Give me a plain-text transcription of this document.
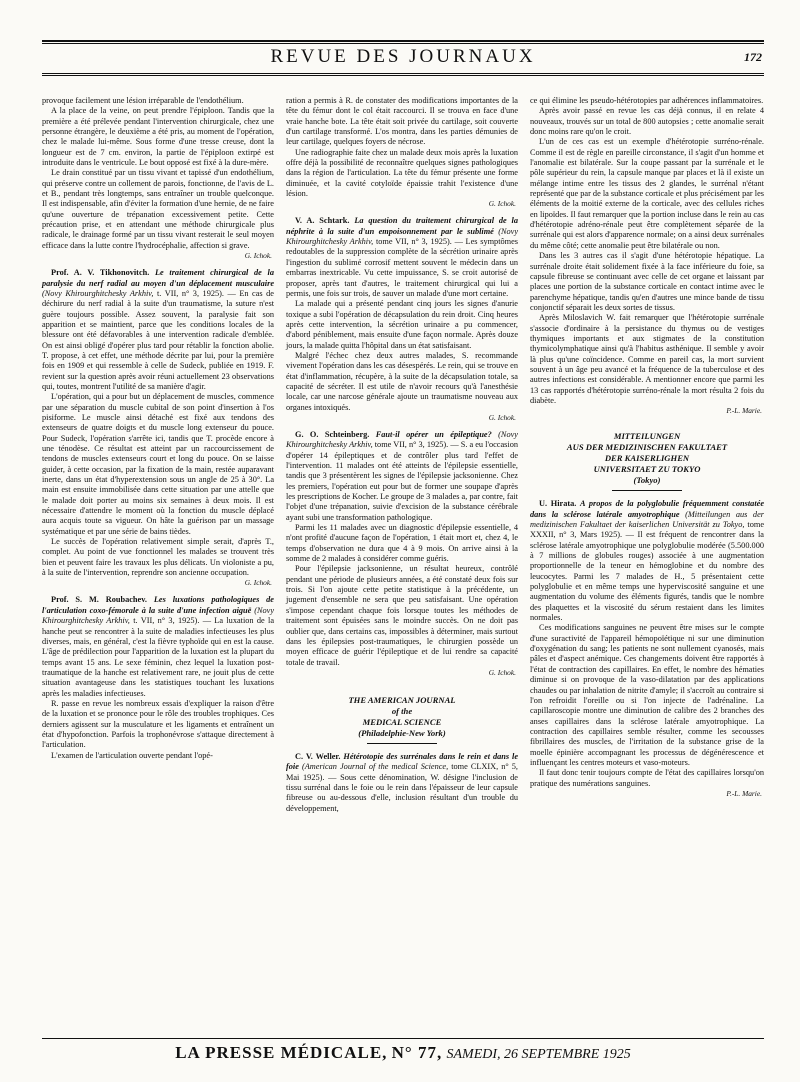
REVUE DES JOURNAUX	172

provoque facilement une lésion irréparable de l'endothélium.

A la place de la veine, on peut prendre l'épiploon. Tandis que la première a été prélevée pendant l'intervention chirurgicale, chez une personne étrangère, le deuxième a été pris, au moment de l'opération, chez le malade lui-même. Sous forme d'une tresse creuse, dont la longueur est de 7 cm. environ, la partie de l'épiploon extirpé est introduite dans le ventricule. Le bout opposé est fixé à la dure-mère.

Le drain constitué par un tissu vivant et tapissé d'un endothélium, qui préserve contre un collement de parois, fonctionne, de l'avis de L. et B., pendant très longtemps, sans entraîner un trouble quelconque. Il est indispensable, afin d'éviter la formation d'une hernie, de ne faire qu'une ouverture de trépanation excessivement petite. Cette précaution prise, et en attendant une méthode chirurgicale plus radicale, le drainage formé par un tissu vivant resterait le seul moyen efficace dans la lutte contre l'hydrocéphalie, affection si grave.

G. Ichok.

Prof. A. V. Tikhonovitch. Le traitement chirurgical de la paralysie du nerf radial au moyen d'un déplacement musculaire (Novy Khirourghitchesky Arkhiv, t. VII, n° 3, 1925). — En cas de déchirure du nerf radial à la suite d'un traumatisme, la suture n'est guère toujours possible. Assez souvent, la paralysie fait son apparition et se maintient, parce que les conditions locales de la blessure ont été défavorables à une intervention radicale d'emblée. On est ainsi obligé d'opérer plus tard pour rétablir la fonction abolie. T. propose, à cet effet, une méthode décrite par lui, pour la première fois en 1909 et qui ressemble à celle de Sudeck, publiée en 1919. F. revient sur la question après avoir réuni actuellement 23 observations qui, toutes, montrent l'utilité de sa manière d'agir.

L'opération, qui a pour but un déplacement de muscles, commence par une séparation du muscle cubital de son point d'insertion à l'os pisiforme. Le muscle ainsi détaché est fixé aux tendons des extenseurs de quatre doigts et du muscle long extenseur du pouce. Pour Sudeck, l'opération s'arrête ici, tandis que T. procède encore à une ténodèse. Ce résultat est atteint par un raccourcissement de tendons de muscles extenseurs court et long du pouce. On se laisse guider, à cette occasion, par la fixation de la main, restée auparavant inerte, dans un état d'hyperextension sous un angle de 25 à 30°. La main est ensuite immobilisée dans cette situation par une attelle que le malade doit porter au moins six semaines à deux mois. Il est nécessaire d'attendre le moment où la fonction du muscle déplacé aura acquis toute sa vigueur. On hâte la guérison par un massage systématique et par une série de bains tièdes.

Le succès de l'opération relativement simple serait, d'après T., complet. Au point de vue fonctionnel les malades se trouvent très bien et peuvent faire les travaux les plus délicats. Un violoniste a pu, à la suite de l'intervention, reprendre son ancienne occupation.

G. Ichok.

Prof. S. M. Roubachev. Les luxations pathologiques de l'articulation coxo-fémorale à la suite d'une infection aiguë (Novy Khirourghitchesky Arkhiv, t. VII, n° 3, 1925). — La luxation de la hanche peut se rencontrer à la suite de maladies infectieuses les plus diverses, mais, en général, c'est la fièvre typhoïde qui en est la cause. L'âge de prédilection pour l'apparition de la luxation est la plupart du temps avant 15 ans. Le sexe féminin, chez lequel la luxation post-traumatique de la hanche est relativement rare, ne jouit plus de cette situation avantageuse dans les statistiques touchant les luxations après les maladies infectieuses.

R. passe en revue les nombreux essais d'expliquer la raison d'être de la luxation et se prononce pour le rôle des troubles trophiques. Ces derniers agissent sur la musculature et les ligaments et entraînent un état d'hypofonction. Parfois la trophonévrose s'attaque directement à l'articulation.

L'examen de l'articulation ouverte pendant l'opé-

ration a permis à R. de constater des modifications importantes de la tête du fémur dont le col était raccourci. Il se trouva en face d'une vraie hanche bote. La tête était soit privée du cartilage, soit couverte d'un cartilage transformé. L'os montra, dans les parties démunies de leur cartilage, quelques foyers de nécrose.

Une radiographie faite chez un malade deux mois après la luxation offre déjà la possibilité de reconnaître quelques signes pathologiques dans la région de l'articulation. La tête du fémur présente une forme diminuée, et la cavité cotyloïde épaissie trahit l'existence d'une lésion.

G. Ichok.

V. A. Schtark. La question du traitement chirurgical de la néphrite à la suite d'un empoisonnement par le sublimé (Novy Khirourghitchesky Arkhiv, tome VII, n° 3, 1925). — Les symptômes redoutables de la suppression complète de la sécrétion urinaire après l'ingestion du sublimé corrosif mettent souvent le médecin dans un embarras inextricable. Vu cette impuissance, S. se croit autorisé de proposer, après tant d'autres, le traitement chirurgical qui lui a permis, une fois sur trois, de sauver un malade d'une mort certaine.

La malade qui a présenté pendant cinq jours les signes d'anurie toxique a subi l'opération de décapsulation du rein droit. Cinq heures après cette intervention, la sécrétion urinaire a pu commencer, d'abord péniblement, mais ensuite d'une façon normale. Après douze jours, la malade quitta l'hôpital dans un état satisfaisant.

Malgré l'échec chez deux autres malades, S. recommande vivement l'opération dans les cas désespérés. Le rein, qui se trouve en état d'inflammation, récupère, à la suite de la décapsulation totale, sa capacité de sécréter. Il est utile de n'avoir recours qu'à l'anesthésie locale, car une narcose générale ajoute un traumatisme nouveau aux organes intoxiqués.

G. Ichok.

G. O. Schteinberg. Faut-il opérer un épileptique? (Novy Khirourghitchesky Arkhiv, tome VII, n° 3, 1925). — S. a eu l'occasion d'opérer 14 épileptiques et de contrôler plus tard l'effet de l'intervention. 11 malades ont été atteints de l'épilepsie essentielle, tandis que 3 présentèrent les signes de l'épilepsie jacksonienne. Chez les premiers, l'opération eut pour but de former une soupape d'après les prescriptions de Kocher. Le groupe de 3 malades a, par contre, fait l'objet d'une trépanation, suivie d'excision de la substance cérébrale ayant subi une transformation pathologique.

Parmi les 11 malades avec un diagnostic d'épilepsie essentielle, 4 n'ont profité d'aucune façon de l'opération, 1 était mort et, chez 4, le temps d'observation ne dura que 4 à 9 mois. On arrive ainsi à la somme de 2 malades à considérer comme guéris.

Pour l'épilepsie jacksonienne, un résultat heureux, contrôlé pendant une période de plusieurs années, a été constaté deux fois sur trois. Si l'on ajoute cette petite statistique à la précédente, un jugement d'ensemble ne sera que peu satisfaisant. Une opération s'impose cependant chaque fois lorsque toutes les méthodes de traitement sont épuisées sans le moindre succès. On ne doit pas oublier que, dans certains cas, impossibles à déterminer, mais surtout dans les épilepsies post-traumatiques, le chirurgien possède un moyen efficace de guérir l'épileptique et de lui rendre sa capacité totale de travail.

G. Ichok.
THE AMERICAN JOURNAL
of the
MEDICAL SCIENCE
(Philadelphie-New York)

C. V. Weller. Hétérotopie des surrénales dans le rein et dans le foie (American Journal of the medical Science, tome CLXIX, n° 5, Mai 1925). — Sous cette dénomination, W. désigne l'inclusion de tissu surrénal dans le foie ou le rein dans l'épaisseur de leur capsule fibreuse ou au-dessous d'elle, inclusion résultant d'un trouble du développement,

ce qui élimine les pseudo-hétérotopies par adhérences inflammatoires.

Après avoir passé en revue les cas déjà connus, il en relate 4 nouveaux, trouvés sur un total de 800 autopsies ; cette anomalie serait donc moins rare qu'on le croit.

L'un de ces cas est un exemple d'hétérotopie surréno-rénale. Comme il est de règle en pareille circonstance, il s'agit d'un homme et l'anomalie est bilatérale. Sur la coupe passant par la surrénale et le pôle supérieur du rein, la capsule manque par places et là il existe un mélange intime entre les tissus des 2 glandes, le surrénal n'étant représenté que par de la substance corticale et plus précisément par les éléments de la moitié externe de la corticale, avec des cellules riches en lipoïdes. Il faut remarquer que la portion incluse dans le rein au cas d'hétérotopie adréno-rénale peut être complètement séparée de la surrénale qui est alors d'apparence normale; on a ainsi deux surrénales du même côté; cette anomalie peut être bilatérale ou non.

Dans les 3 autres cas il s'agit d'une hétérotopie hépatique. La surrénale droite était solidement fixée à la face inférieure du foie, sa capsule fibreuse se continuant avec celle de cet organe et laissant par places une portion de la substance corticale en contact intime avec le parenchyme hépatique, tandis qu'en d'autres une mince bande de tissu conjonctif séparait les deux sortes de tissus.

Après Miloslavich W. fait remarquer que l'hétérotopie surrénale s'associe d'ordinaire à la persistance du thymus ou de vestiges thymiques importants et aux stigmates de la constitution thymicolymphatique ainsi qu'à l'habitus asthénique. Il semble y avoir là plus qu'une coïncidence. Comme en pareil cas, la mort survient souvent à un âge peu avancé et la fréquence de la tuberculose et des autres infections est considérable. A mentionner encore que parmi les 13 cas rapportés d'hétérotopie surréno-rénale la mort résulta 2 fois du diabète.

P.-L. Marie.
MITTEILUNGEN
AUS DER MEDIZINISCHEN FAKULTAET
DER KAISERLIGHEN
UNIVERSITAET ZU TOKYO
(Tokyo)

U. Hirata. A propos de la polyglobulie fréquemment constatée dans la sclérose latérale amyotrophique (Mitteilungen aus der medizinischen Fakultaet der kaiserlichen Universität zu Tokyo, tome XXXII, n° 3, Mars 1925). — Il est fréquent de rencontrer dans la sclérose latérale amyotrophique une polyglobulie modérée (5.500.000 à 7 millions de globules rouges) associée à une augmentation proportionnelle de la teneur en hémoglobine et du nombre des leucocytes. Parmi les 7 malades de H., 5 présentaient cette polyglobulie et en même temps une hyperviscosité sanguine et une augmentation du volume des éléments figurés, tandis que le nombre des plaquettes et la viscosité du sérum restaient dans les limites normales.

Ces modifications sanguines ne peuvent être mises sur le compte d'une suractivité de l'appareil hémopoïétique ni sur une diminution d'oxygénation du sang; les patients ne sont nullement cyanosés, mais pâles et d'aspect anémique. Ces changements doivent être rapportés à l'état de contraction des capillaires. En effet, le nombre des hématies diminue si on provoque de la vaso-dilatation par des applications chaudes ou par inhalation de nitrite d'amyle; il s'accroît au contraire si l'on refroidit l'oreille ou si l'on injecte de l'adrénaline. La capillaroscopie montre une diminution de calibre des 2 branches des anses capillaires dans la sclérose latérale amyotrophique. La contraction des capillaires semble résulter, comme les secousses fibrillaires des muscles, de l'irritation de la substance grise de la moelle épinière accompagnant les processus de dégénérescence et influençant les centres moteurs et vaso-moteurs.

Il faut donc tenir toujours compte de l'état des capillaires lorsqu'on pratique des numérations sanguines.

P.-L. Marie.
LA PRESSE MÉDICALE, N° 77, SAMEDI, 26 SEPTEMBRE 1925
